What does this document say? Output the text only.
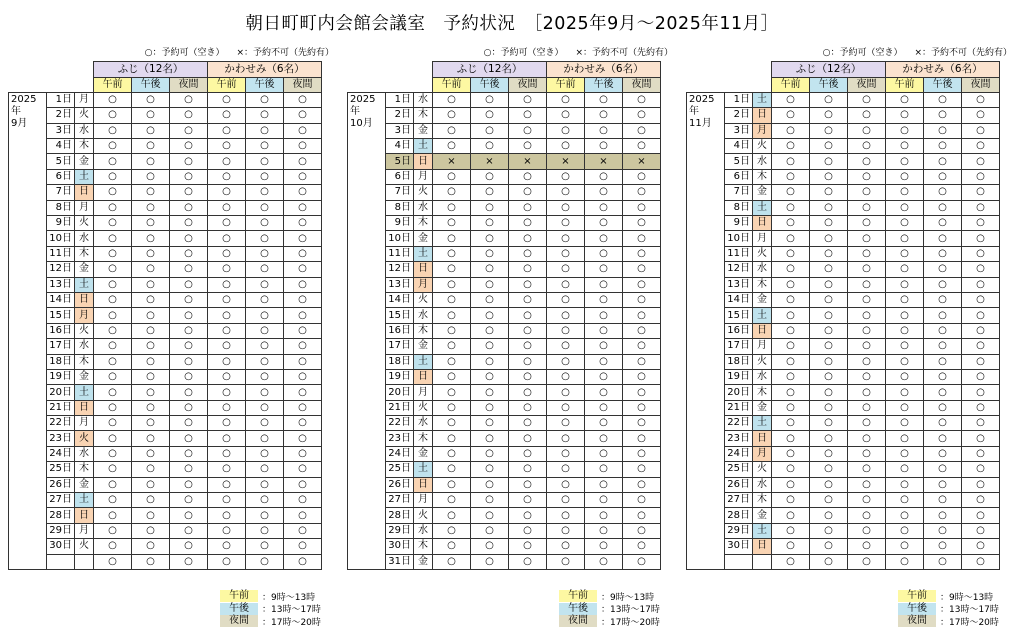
朝日町町内会館会議室　予約状況　［2025年9月～2025年11月］
○：予約可（空き） ×：予約不可（先約有）
			ふじ（12名）			かわせみ（6名）		
			午前	午後	夜間	午前	午後	夜間

2025年
9月	1日	月	○	○	○	○	○	○
	2日	火	○	○	○	○	○	○
	3日	水	○	○	○	○	○	○
	4日	木	○	○	○	○	○	○
	5日	金	○	○	○	○	○	○
	6日	土	○	○	○	○	○	○
	7日	日	○	○	○	○	○	○
	8日	月	○	○	○	○	○	○
	9日	火	○	○	○	○	○	○
	10日	水	○	○	○	○	○	○
	11日	木	○	○	○	○	○	○
	12日	金	○	○	○	○	○	○
	13日	土	○	○	○	○	○	○
	14日	日	○	○	○	○	○	○
	15日	月	○	○	○	○	○	○
	16日	火	○	○	○	○	○	○
	17日	水	○	○	○	○	○	○
	18日	木	○	○	○	○	○	○
	19日	金	○	○	○	○	○	○
	20日	土	○	○	○	○	○	○
	21日	日	○	○	○	○	○	○
	22日	月	○	○	○	○	○	○
	23日	火	○	○	○	○	○	○
	24日	水	○	○	○	○	○	○
	25日	木	○	○	○	○	○	○
	26日	金	○	○	○	○	○	○
	27日	土	○	○	○	○	○	○
	28日	日	○	○	○	○	○	○
	29日	月	○	○	○	○	○	○
	30日	火	○	○	○	○	○	○
			○	○	○	○	○	○
午前	：9時～13時
午後	：13時～17時
夜間	：17時～20時
○：予約可（空き） ×：予約不可（先約有）
			ふじ（12名）			かわせみ（6名）		
			午前	午後	夜間	午前	午後	夜間

2025年
10月	1日	水	○	○	○	○	○	○
	2日	木	○	○	○	○	○	○
	3日	金	○	○	○	○	○	○
	4日	土	○	○	○	○	○	○
	5日	日	×	×	×	×	×	×
	6日	月	○	○	○	○	○	○
	7日	火	○	○	○	○	○	○
	8日	水	○	○	○	○	○	○
	9日	木	○	○	○	○	○	○
	10日	金	○	○	○	○	○	○
	11日	土	○	○	○	○	○	○
	12日	日	○	○	○	○	○	○
	13日	月	○	○	○	○	○	○
	14日	火	○	○	○	○	○	○
	15日	水	○	○	○	○	○	○
	16日	木	○	○	○	○	○	○
	17日	金	○	○	○	○	○	○
	18日	土	○	○	○	○	○	○
	19日	日	○	○	○	○	○	○
	20日	月	○	○	○	○	○	○
	21日	火	○	○	○	○	○	○
	22日	水	○	○	○	○	○	○
	23日	木	○	○	○	○	○	○
	24日	金	○	○	○	○	○	○
	25日	土	○	○	○	○	○	○
	26日	日	○	○	○	○	○	○
	27日	月	○	○	○	○	○	○
	28日	火	○	○	○	○	○	○
	29日	水	○	○	○	○	○	○
	30日	木	○	○	○	○	○	○
	31日	金	○	○	○	○	○	○
午前	：9時～13時
午後	：13時～17時
夜間	：17時～20時
○：予約可（空き） ×：予約不可（先約有）
			ふじ（12名）			かわせみ（6名）		
			午前	午後	夜間	午前	午後	夜間

2025年
11月	1日	土	○	○	○	○	○	○
	2日	日	○	○	○	○	○	○
	3日	月	○	○	○	○	○	○
	4日	火	○	○	○	○	○	○
	5日	水	○	○	○	○	○	○
	6日	木	○	○	○	○	○	○
	7日	金	○	○	○	○	○	○
	8日	土	○	○	○	○	○	○
	9日	日	○	○	○	○	○	○
	10日	月	○	○	○	○	○	○
	11日	火	○	○	○	○	○	○
	12日	水	○	○	○	○	○	○
	13日	木	○	○	○	○	○	○
	14日	金	○	○	○	○	○	○
	15日	土	○	○	○	○	○	○
	16日	日	○	○	○	○	○	○
	17日	月	○	○	○	○	○	○
	18日	火	○	○	○	○	○	○
	19日	水	○	○	○	○	○	○
	20日	木	○	○	○	○	○	○
	21日	金	○	○	○	○	○	○
	22日	土	○	○	○	○	○	○
	23日	日	○	○	○	○	○	○
	24日	月	○	○	○	○	○	○
	25日	火	○	○	○	○	○	○
	26日	水	○	○	○	○	○	○
	27日	木	○	○	○	○	○	○
	28日	金	○	○	○	○	○	○
	29日	土	○	○	○	○	○	○
	30日	日	○	○	○	○	○	○
			○	○	○	○	○	○
午前	：9時～13時
午後	：13時～17時
夜間	：17時～20時
